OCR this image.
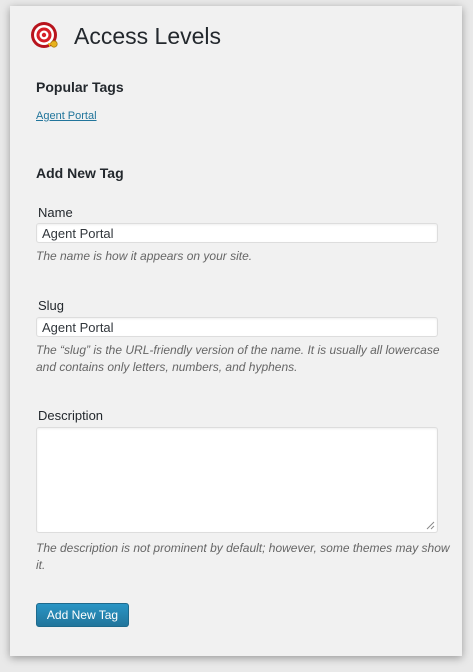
Access Levels
Popular Tags
Agent Portal
Add New Tag
Name
Agent Portal
The name is how it appears on your site.
Slug
Agent Portal
The “slug” is the URL-friendly version of the name. It is usually all lowercase and contains only letters, numbers, and hyphens.
Description
The description is not prominent by default; however, some themes may show it.
Add New Tag
